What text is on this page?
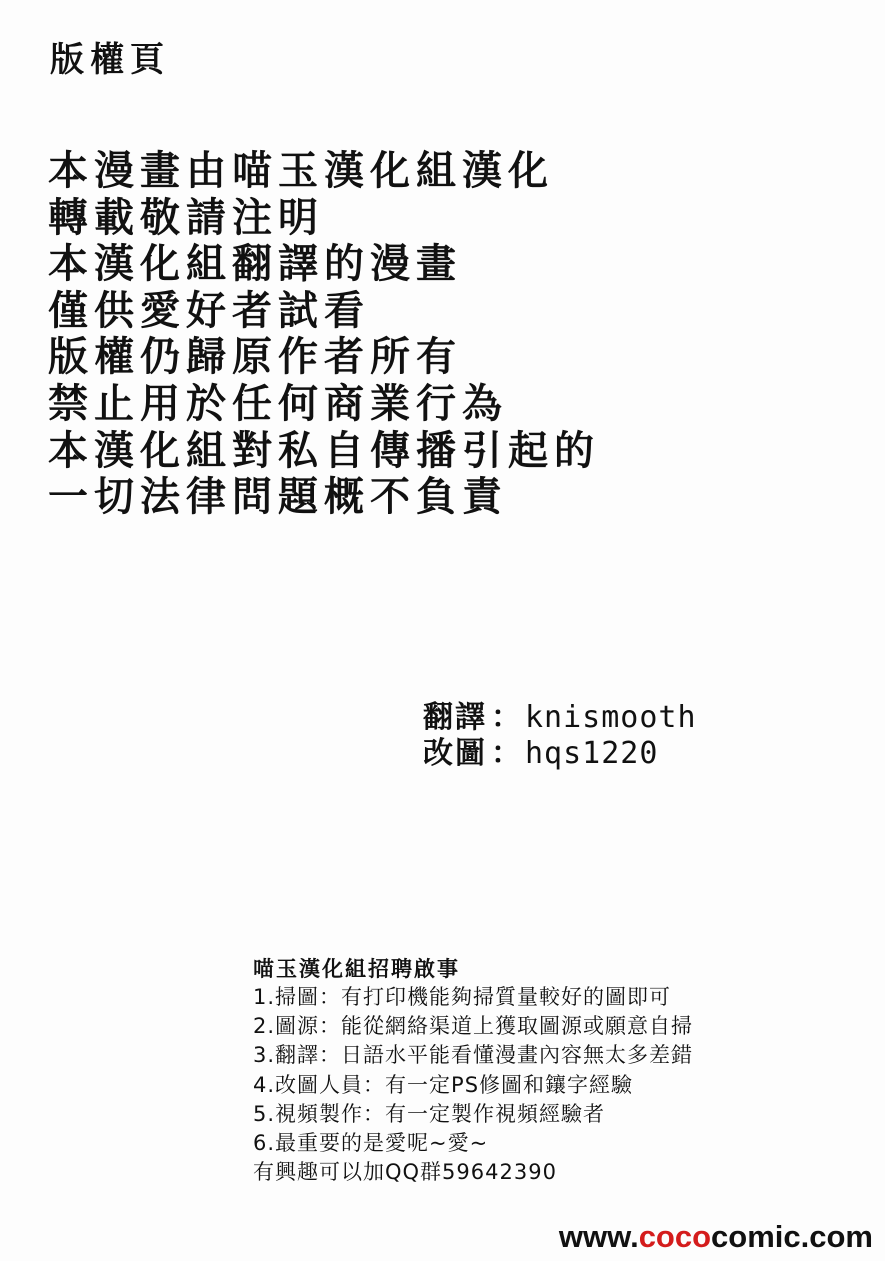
版權頁
本漫畫由喵玉漢化組漢化
轉載敬請注明
本漢化組翻譯的漫畫
僅供愛好者試看
版權仍歸原作者所有
禁止用於任何商業行為
本漢化組對私自傳播引起的
一切法律問題概不負責
翻譯 ： knismooth
改圖 ： hqs1220
喵玉漢化組招聘啟事
1.掃圖：有打印機能夠掃質量較好的圖即可
2.圖源：能從網絡渠道上獲取圖源或願意自掃
3.翻譯：日語水平能看懂漫畫內容無太多差錯
4.改圖人員：有一定PS修圖和鑲字經驗
5.視頻製作：有一定製作視頻經驗者
6.最重要的是愛呢~愛~
有興趣可以加QQ群59642390
www.cococomic.com
